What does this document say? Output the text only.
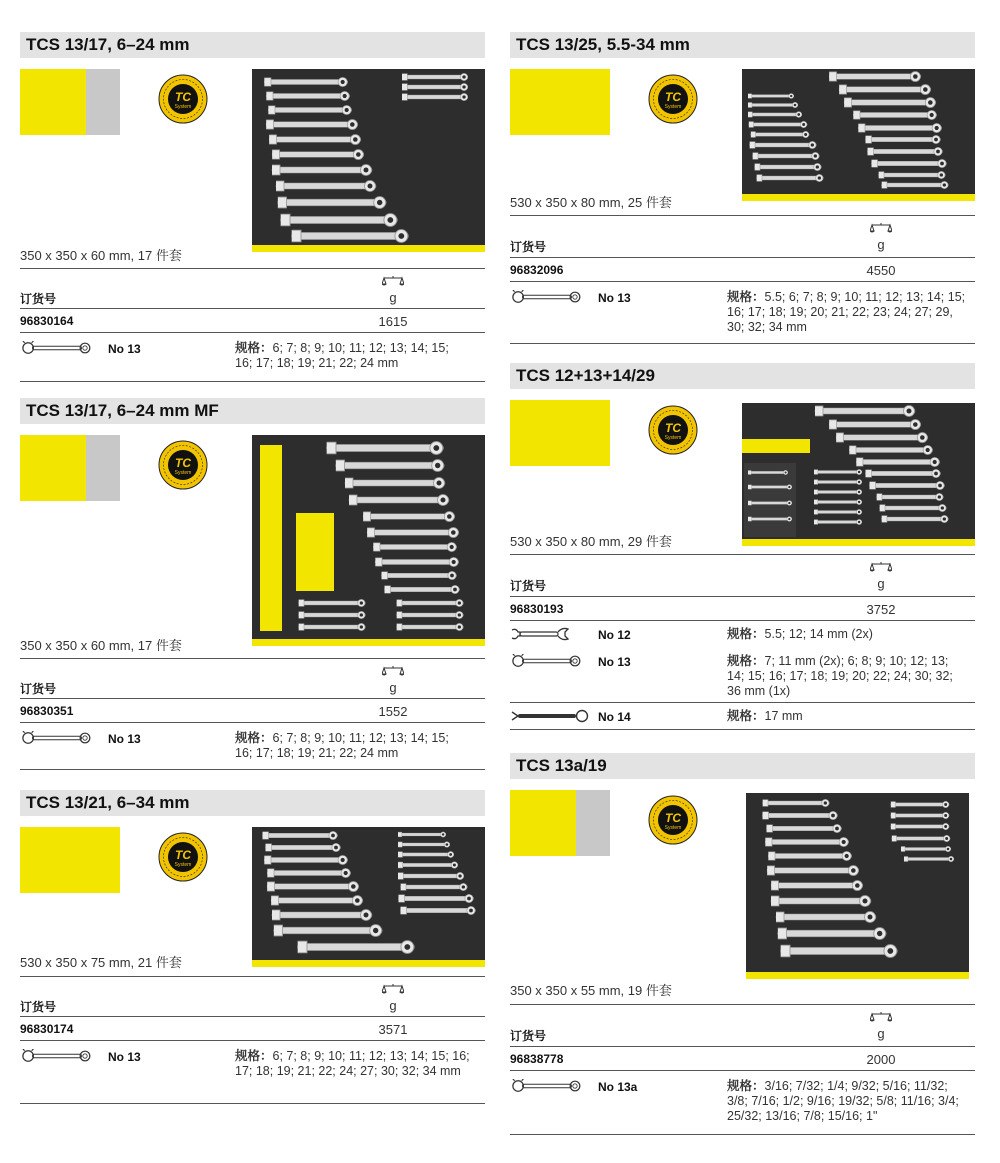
TCS 13/17, 6–24 mm
350 x 350 x 60 mm, 17 件套
g
订货号
96830164	1615
No 13	规格：6; 7; 8; 9; 10; 11; 12; 13; 14; 15; 16; 17; 18; 19; 21; 22; 24 mm
TCS 13/17, 6–24 mm MF
350 x 350 x 60 mm, 17 件套
g
订货号
96830351	1552
No 13	规格：6; 7; 8; 9; 10; 11; 12; 13; 14; 15; 16; 17; 18; 19; 21; 22; 24 mm
TCS 13/21, 6–34 mm
530 x 350 x 75 mm, 21 件套
g
订货号
96830174	3571
No 13	规格：6; 7; 8; 9; 10; 11; 12; 13; 14; 15; 16; 17; 18; 19; 21; 22; 24; 27; 30; 32; 34 mm
TCS 13/25, 5.5-34 mm
530 x 350 x 80 mm, 25 件套
g
订货号
96832096	4550
No 13	规格：5.5; 6; 7; 8; 9; 10; 11; 12; 13; 14; 15; 16; 17; 18; 19; 20; 21; 22; 23; 24; 27; 29, 30; 32; 34 mm
TCS 12+13+14/29
530 x 350 x 80 mm, 29 件套
g
订货号
96830193	3752
No 12	规格：5.5; 12; 14 mm (2x)
No 13	规格：7; 11 mm (2x); 6; 8; 9; 10; 12; 13; 14; 15; 16; 17; 18; 19; 20; 22; 24; 30; 32; 36 mm (1x)
No 14	规格：17 mm
TCS 13a/19
350 x 350 x 55 mm, 19 件套
g
订货号
96838778	2000
No 13a	规格：3/16; 7/32; 1/4; 9/32; 5/16; 11/32; 3/8; 7/16; 1/2; 9/16; 19/32; 5/8; 11/16; 3/4; 25/32; 13/16; 7/8; 15/16; 1"
